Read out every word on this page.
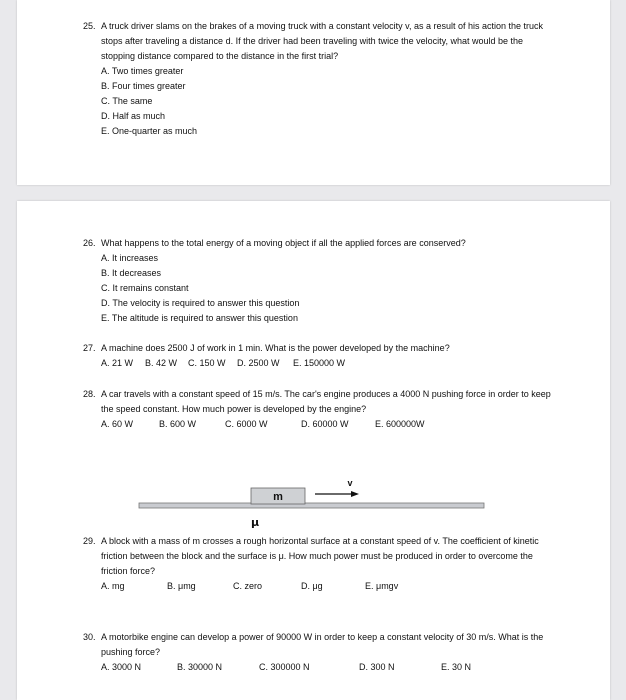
25. A truck driver slams on the brakes of a moving truck with a constant velocity v, as a result of his action the truck
stops after traveling a distance d. If the driver had been traveling with twice the velocity, what would be the
stopping distance compared to the distance in the first trial?
A. Two times greater
B. Four times greater
C. The same
D. Half as much
E. One-quarter as much
26. What happens to the total energy of a moving object if all the applied forces are conserved?
A. It increases
B. It decreases
C. It remains constant
D. The velocity is required to answer this question
E. The altitude is required to answer this question
27. A machine does 2500 J of work in 1 min. What is the power developed by the machine?
A. 21 W B. 42 W C. 150 W D. 2500 W E. 150000 W
28. A car travels with a constant speed of 15 m/s. The car's engine produces a 4000 N pushing force in order to keep
the speed constant. How much power is developed by the engine?
A. 60 W	B. 600 W	C. 6000 W	D. 60000 W	E. 600000W
m
v
μ
29. A block with a mass of m crosses a rough horizontal surface at a constant speed of v. The coefficient of kinetic
friction between the block and the surface is μ. How much power must be produced in order to overcome the
friction force?
A. mg	B. μmg	C. zero	D. μg	E. μmgv
30. A motorbike engine can develop a power of 90000 W in order to keep a constant velocity of 30 m/s. What is the
pushing force?
A. 3000 N	B. 30000 N	C. 300000 N	D. 300 N	E. 30 N
